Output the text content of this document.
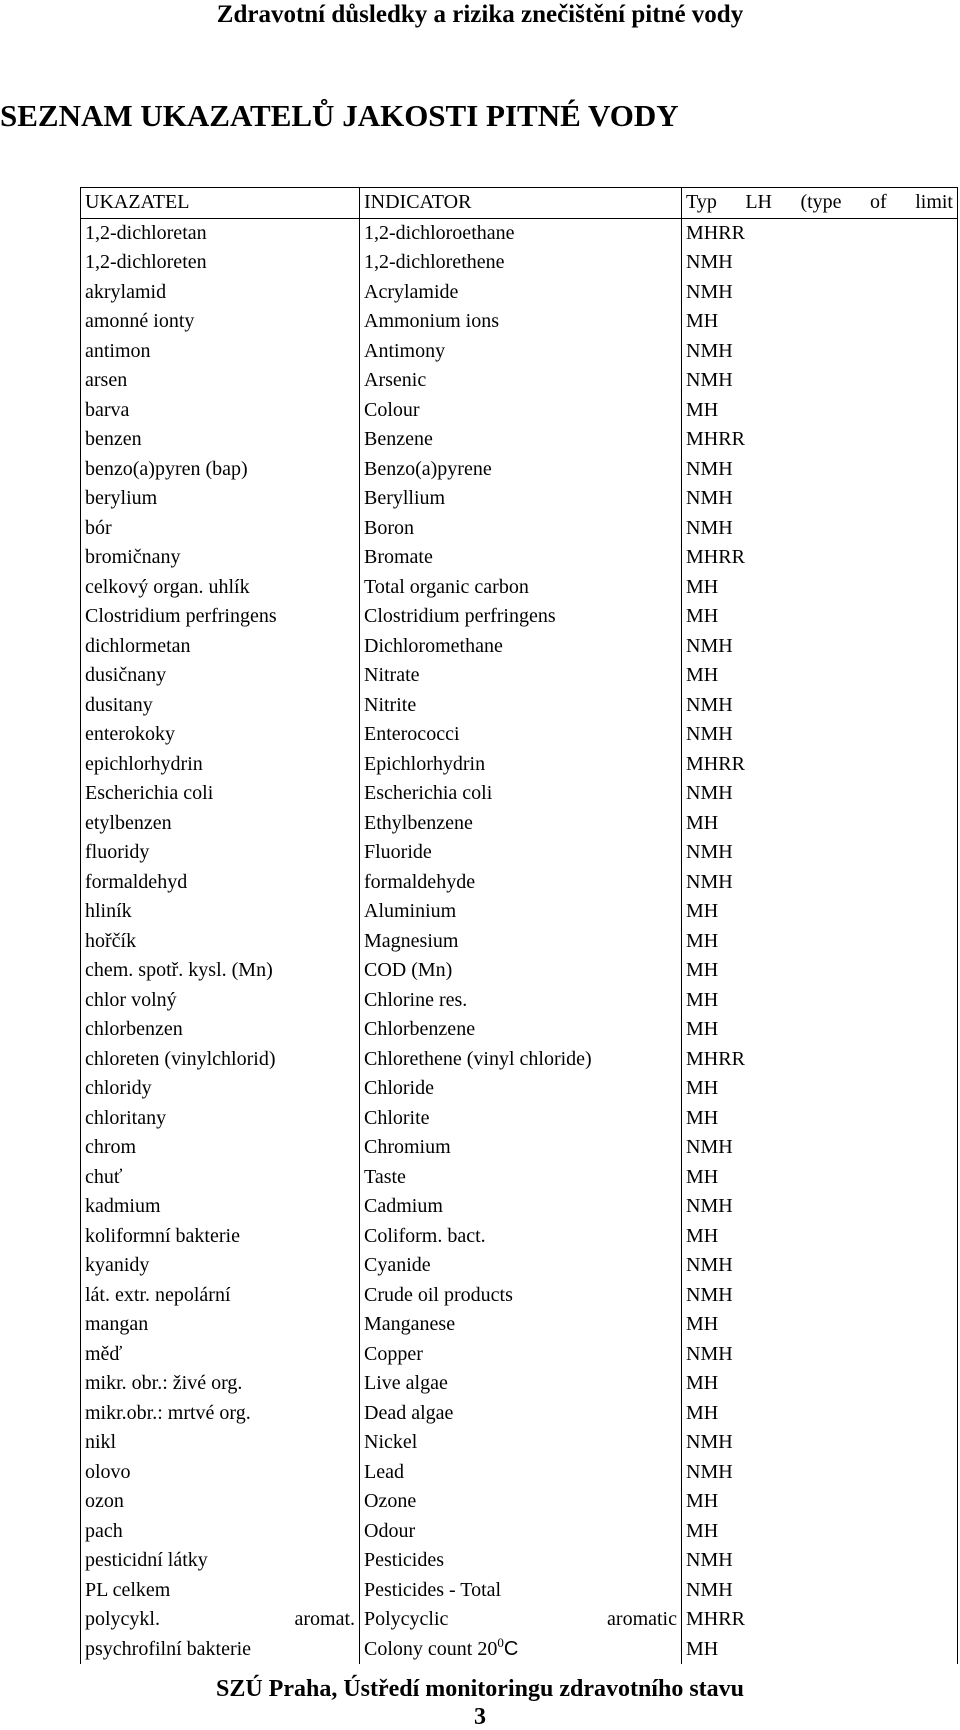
Zdravotní důsledky a rizika znečištění pitné vody
SEZNAM UKAZATELŮ JAKOSTI PITNÉ VODY
UKAZATEL	INDICATOR	Typ LH (type of limit

1,2-dichloretan	1,2-dichloroethane	MHRR
1,2-dichloreten	1,2-dichlorethene	NMH
akrylamid	Acrylamide	NMH
amonné ionty	Ammonium ions	MH
antimon	Antimony	NMH
arsen	Arsenic	NMH
barva	Colour	MH
benzen	Benzene	MHRR
benzo(a)pyren (bap)	Benzo(a)pyrene	NMH
berylium	Beryllium	NMH
bór	Boron	NMH
bromičnany	Bromate	MHRR
celkový organ. uhlík	Total organic carbon	MH
Clostridium perfringens	Clostridium perfringens	MH
dichlormetan	Dichloromethane	NMH
dusičnany	Nitrate	MH
dusitany	Nitrite	NMH
enterokoky	Enterococci	NMH
epichlorhydrin	Epichlorhydrin	MHRR
Escherichia coli	Escherichia coli	NMH
etylbenzen	Ethylbenzene	MH
fluoridy	Fluoride	NMH
formaldehyd	formaldehyde	NMH
hliník	Aluminium	MH
hořčík	Magnesium	MH
chem. spotř. kysl. (Mn)	COD (Mn)	MH
chlor volný	Chlorine res.	MH
chlorbenzen	Chlorbenzene	MH
chloreten (vinylchlorid)	Chlorethene (vinyl chloride)	MHRR
chloridy	Chloride	MH
chloritany	Chlorite	MH
chrom	Chromium	NMH
chuť	Taste	MH
kadmium	Cadmium	NMH
koliformní bakterie	Coliform. bact.	MH
kyanidy	Cyanide	NMH
lát. extr. nepolární	Crude oil products	NMH
mangan	Manganese	MH
měď	Copper	NMH
mikr. obr.: živé org.	Live algae	MH
mikr.obr.: mrtvé org.	Dead algae	MH
nikl	Nickel	NMH
olovo	Lead	NMH
ozon	Ozone	MH
pach	Odour	MH
pesticidní látky	Pesticides	NMH
PL celkem	Pesticides - Total	NMH

polycykl. aromat.	Polycyclic aromatic	MHRR
psychrofilní bakterie	Colony count $20^0C$	MH
SZÚ Praha, Ústředí monitoringu zdravotního stavu
3
